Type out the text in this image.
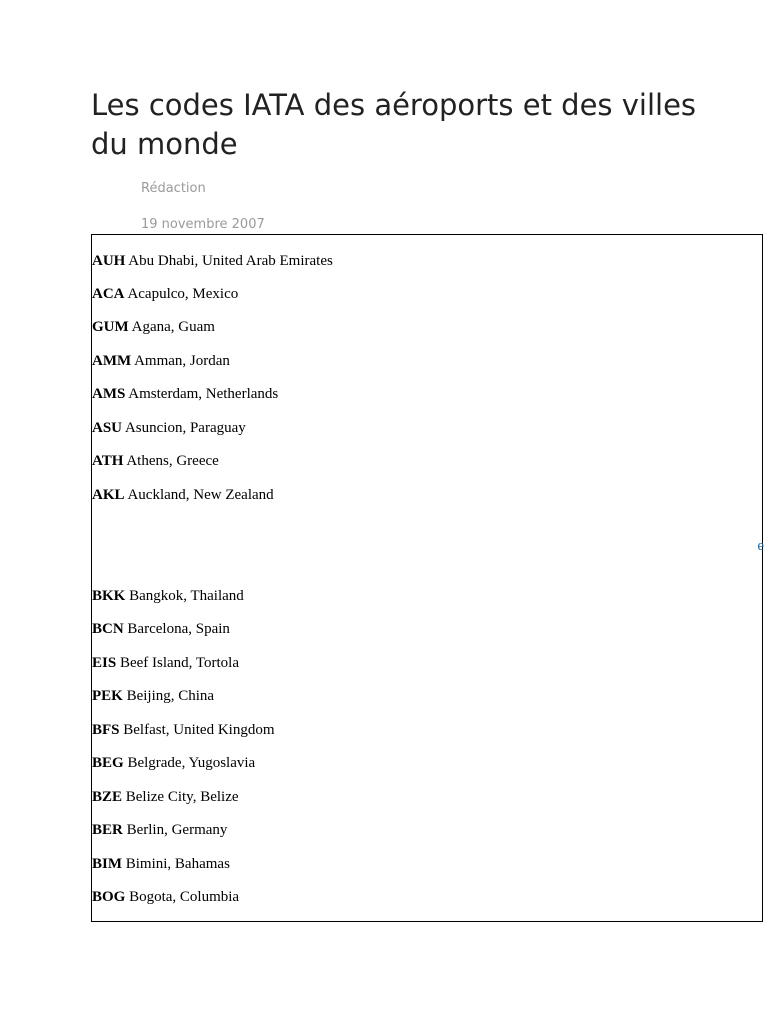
Les codes IATA des aéroports et des villes du monde
Rédaction
19 novembre 2007
AUH Abu Dhabi, United Arab Emirates
ACA Acapulco, Mexico
GUM Agana, Guam
AMM Amman, Jordan
AMS Amsterdam, Netherlands
ASU Asuncion, Paraguay
ATH Athens, Greece
AKL Auckland, New Zealand
e
BKK Bangkok, Thailand
BCN Barcelona, Spain
EIS Beef Island, Tortola
PEK Beijing, China
BFS Belfast, United Kingdom
BEG Belgrade, Yugoslavia
BZE Belize City, Belize
BER Berlin, Germany
BIM Bimini, Bahamas
BOG Bogota, Columbia
